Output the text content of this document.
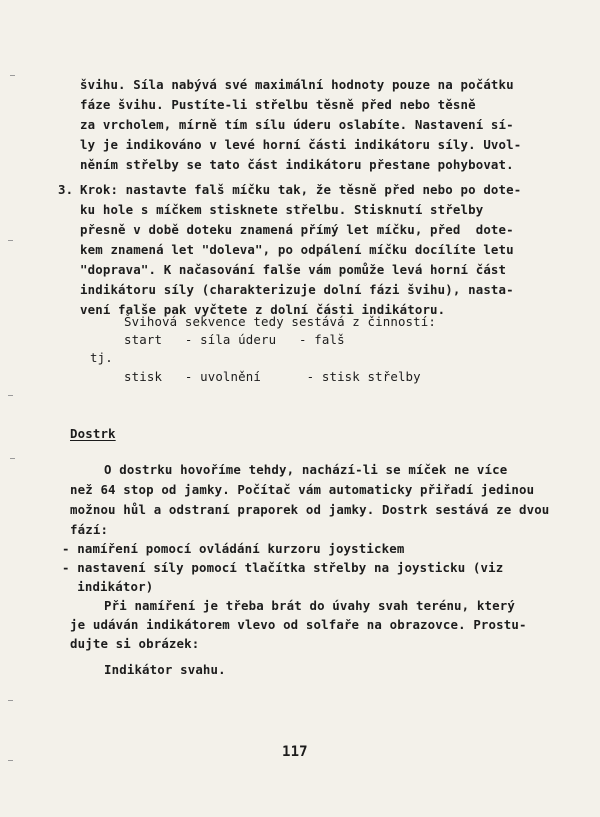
švihu. Síla nabývá své maximální hodnoty pouze na počátku
fáze švihu. Pustíte-li střelbu těsně před nebo těsně
za vrcholem, mírně tím sílu úderu oslabíte. Nastavení sí-
ly je indikováno v levé horní části indikátoru síly. Uvol-
něním střelby se tato část indikátoru přestane pohybovat.
3. Krok: nastavte falš míčku tak, že těsně před nebo po dote-
ku hole s míčkem stisknete střelbu. Stisknutí střelby
přesně v době doteku znamená přímý let míčku, před  dote-
kem znamená let "doleva", po odpálení míčku docílíte letu
"doprava". K načasování falše vám pomůže levá horní část
indikátoru síly (charakterizuje dolní fázi švihu), nasta-
vení falše pak vyčtete z dolní části indikátoru.
Švihová sekvence tedy sestává z činností:
start   - síla úderu   - falš
tj.
stisk   - uvolnění      - stisk střelby
Dostrk
O dostrku hovoříme tehdy, nachází-li se míček ne více
než 64 stop od jamky. Počítač vám automaticky přiřadí jedinou
možnou hůl a odstraní praporek od jamky. Dostrk sestává ze dvou
fází:
- namíření pomocí ovládání kurzoru joystickem
- nastavení síly pomocí tlačítka střelby na joysticku (viz
indikátor)
Při namíření je třeba brát do úvahy svah terénu, který
je udáván indikátorem vlevo od solfaře na obrazovce. Prostu-
dujte si obrázek:
Indikátor svahu.
117
